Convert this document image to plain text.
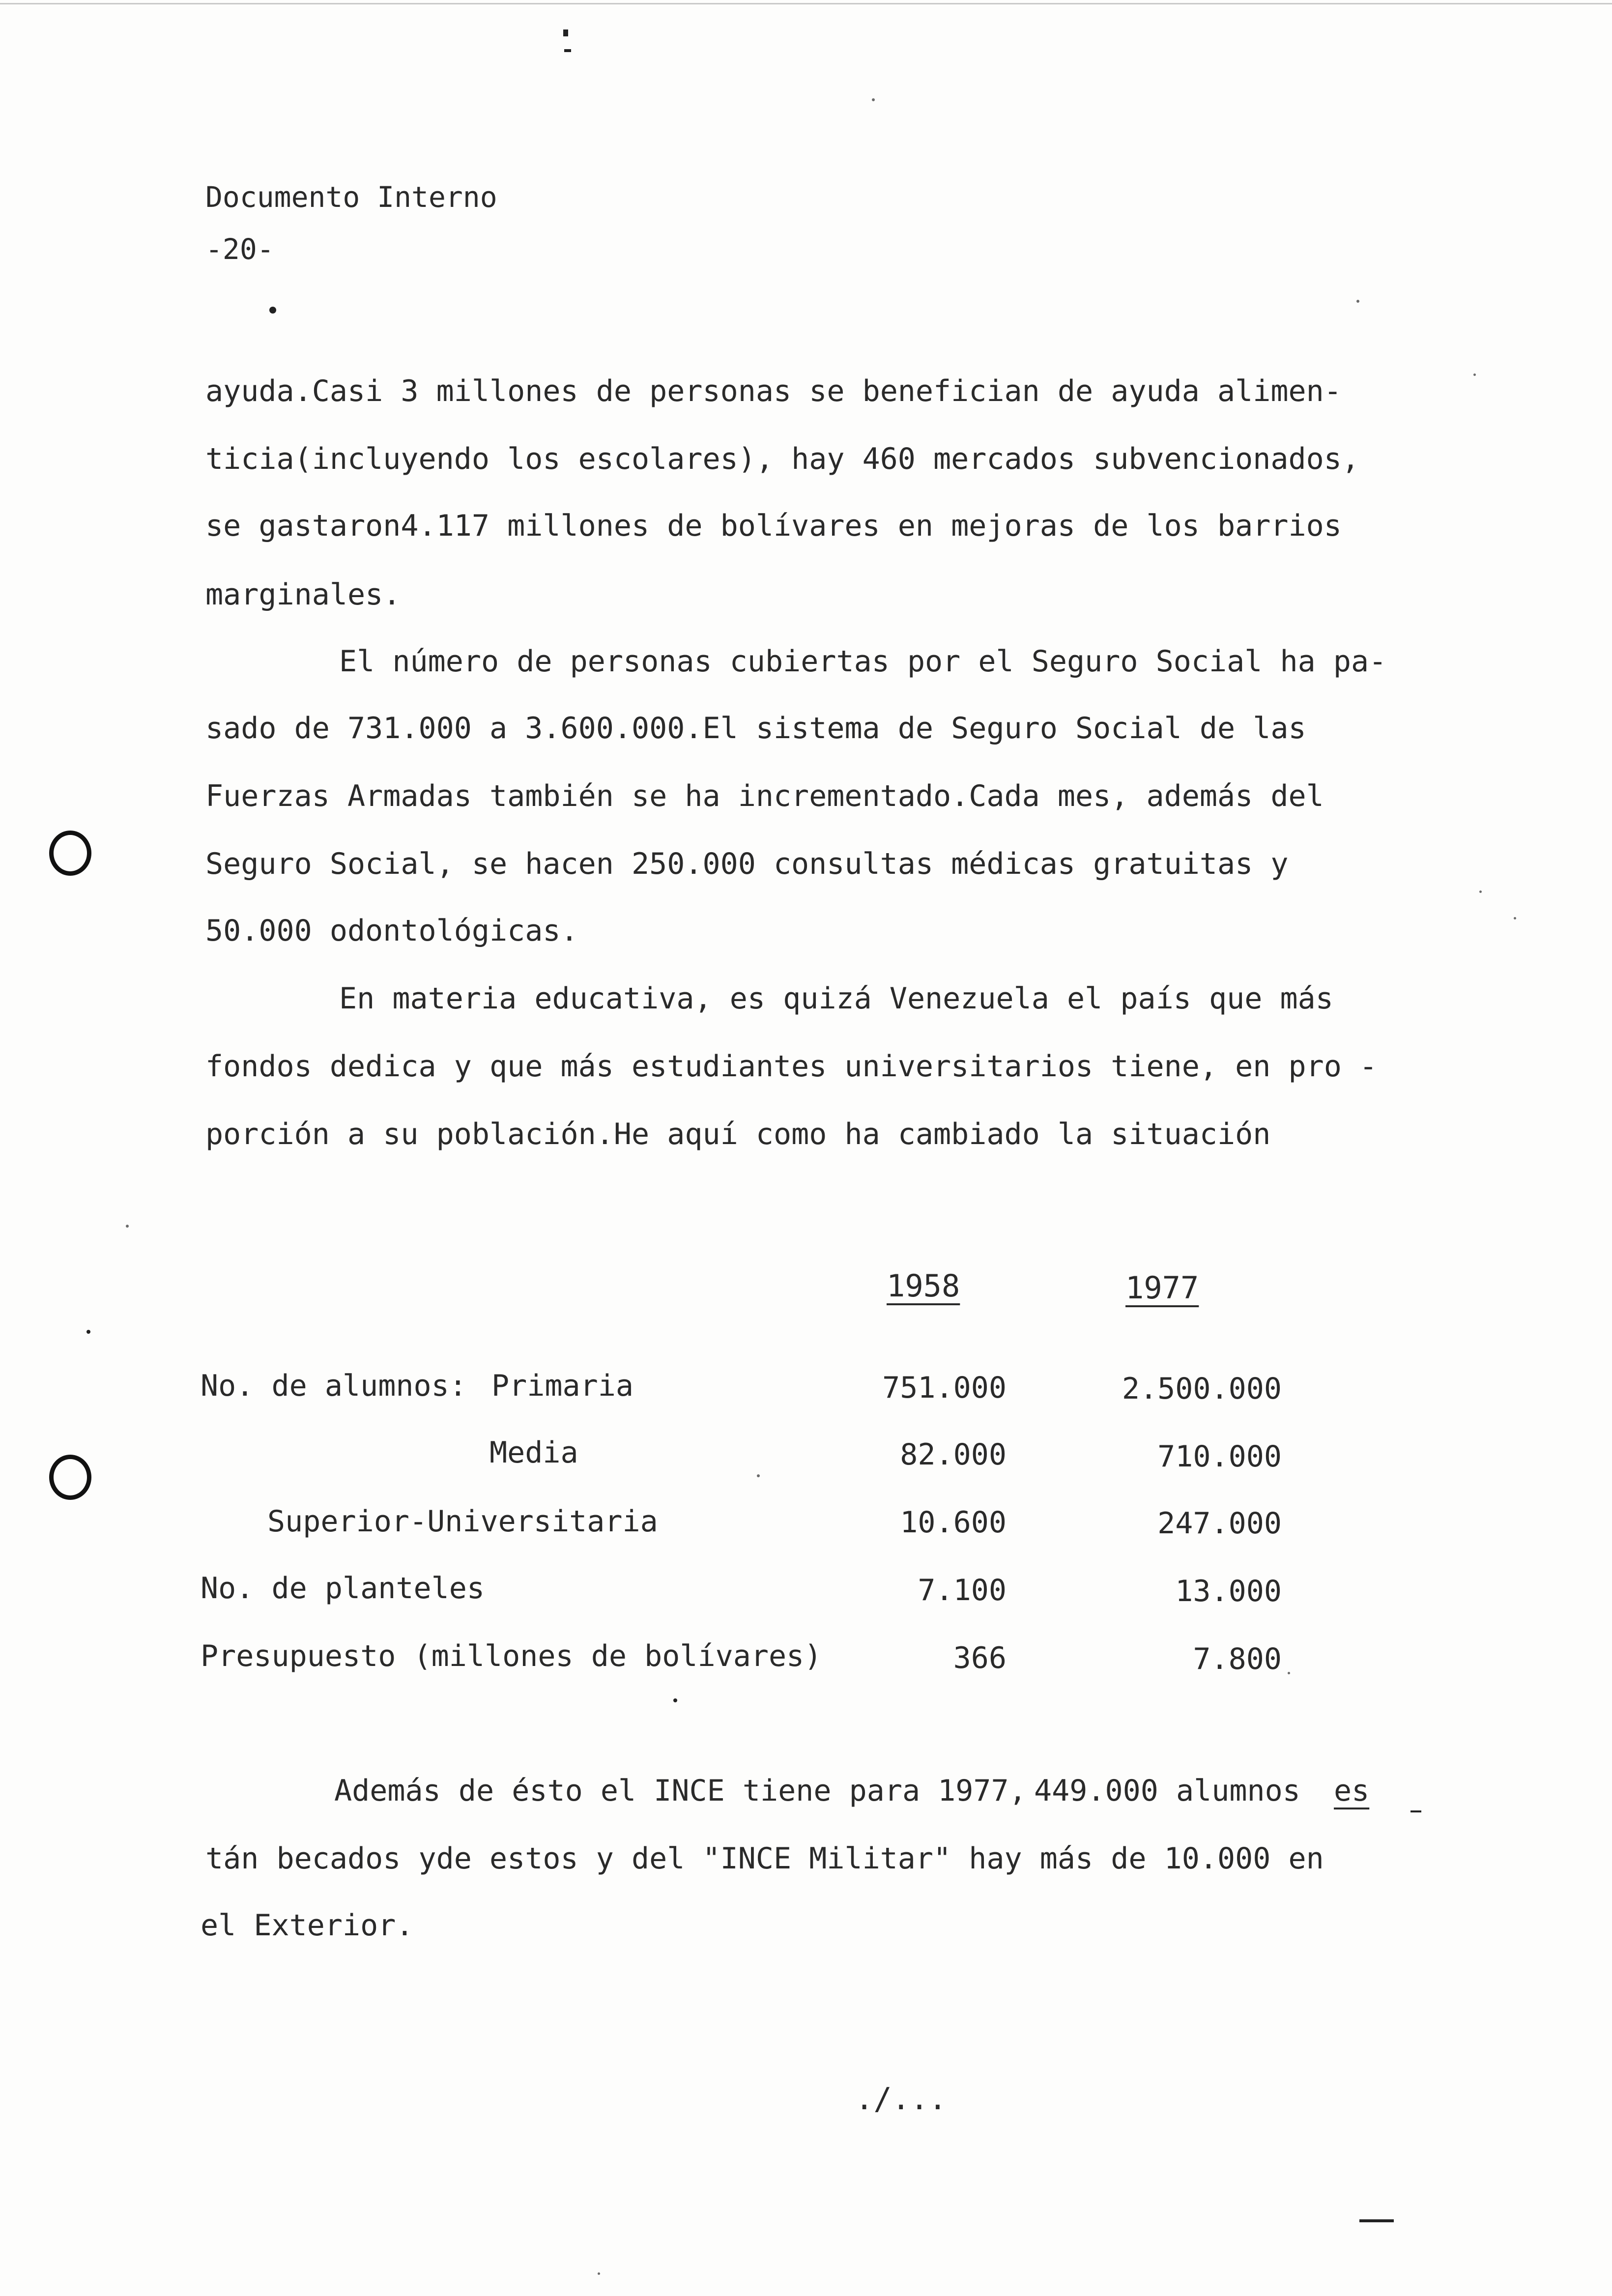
Documento Interno
-20-
ayuda. Casi 3 millones de personas se benefician de ayuda alimen-
ticia (incluyendo los escolares), hay 460 mercados subvencionados,
se gastaron 4.117 millones de bolívares en mejoras de los barrios
marginales.
El número de personas cubiertas por el Seguro Social ha pa-
sado de 731.000 a 3.600.000. El sistema de Seguro Social de las
Fuerzas Armadas también se ha incrementado. Cada mes, además del
Seguro Social, se hacen 250.000 consultas médicas gratuitas y
50.000 odontológicas.
En materia educativa, es quizá Venezuela el país que más
fondos dedica y que más estudiantes universitarios tiene, en pro -
porción a su población. He aquí como ha cambiado la situación
1958	1977
No. de alumnos: Primaria	751.000	2.500.000
Media	82.000	710.000
Superior-Universitaria	10.600	247.000
No. de planteles	7.100	13.000
Presupuesto (millones de bolívares)	366	7.800
Además de ésto el INCE tiene para 1977, 449.000 alumnos es
tán becados y de estos y del "INCE Militar" hay más de 10.000 en
el Exterior.
./...
